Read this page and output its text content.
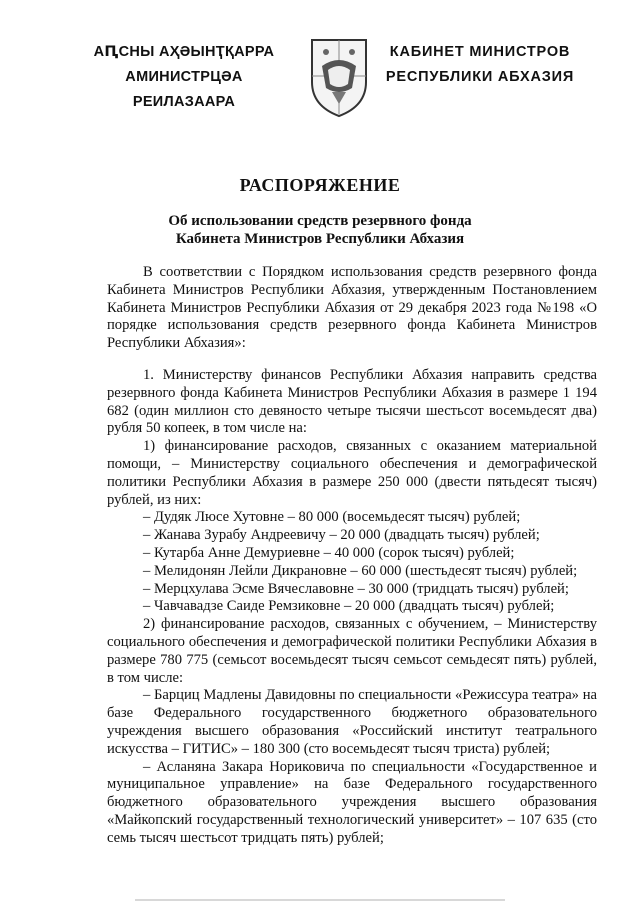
АԤСНЫ АҲӘЫНҬҚАРРА
АМИНИСТРЦӘА РЕИЛАЗААРА
КАБИНЕТ МИНИСТРОВ
РЕСПУБЛИКИ АБХАЗИЯ
РАСПОРЯЖЕНИЕ
Об использовании средств резервного фонда
Кабинета Министров Республики Абхазия

В соответствии с Порядком использования средств резервного фонда Кабинета Министров Республики Абхазия, утвержденным Постановлением Кабинета Министров Республики Абхазия от 29 декабря 2023 года №198 «О порядке использования средств резервного фонда Кабинета Министров Республики Абхазия»:

1. Министерству финансов Республики Абхазия направить средства резервного фонда Кабинета Министров Республики Абхазия в размере 1 194 682 (один миллион сто девяносто четыре тысячи шестьсот восемьдесят два) рубля 50 копеек, в том числе на:

1) финансирование расходов, связанных с оказанием материальной помощи, – Министерству социального обеспечения и демографической политики Республики Абхазия в размере 250 000 (двести пятьдесят тысяч) рублей, из них:

– Дудяк Люсе Хутовне – 80 000 (восемьдесят тысяч) рублей;
– Жанава Зурабу Андреевичу – 20 000 (двадцать тысяч) рублей;
– Кутарба Анне Демуриевне – 40 000 (сорок тысяч) рублей;
– Мелидонян Лейли Дикрановне – 60 000 (шестьдесят тысяч) рублей;
– Мерцхулава Эсме Вячеславовне – 30 000 (тридцать тысяч) рублей;
– Чавчавадзе Саиде Ремзиковне – 20 000 (двадцать тысяч) рублей;

2) финансирование расходов, связанных с обучением, – Министерству социального обеспечения и демографической политики Республики Абхазия в размере 780 775 (семьсот восемьдесят тысяч семьсот семьдесят пять) рублей, в том числе:

– Барциц Мадлены Давидовны по специальности «Режиссура театра» на базе Федерального государственного бюджетного образовательного учреждения высшего образования «Российский институт театрального искусства – ГИТИС» – 180 300 (сто восемьдесят тысяч триста) рублей;

– Асланяна Закара Нориковича по специальности «Государственное и муниципальное управление» на базе Федерального государственного бюджетного образовательного учреждения высшего образования «Майкопский государственный технологический университет» – 107 635 (сто семь тысяч шестьсот тридцать пять) рублей;
